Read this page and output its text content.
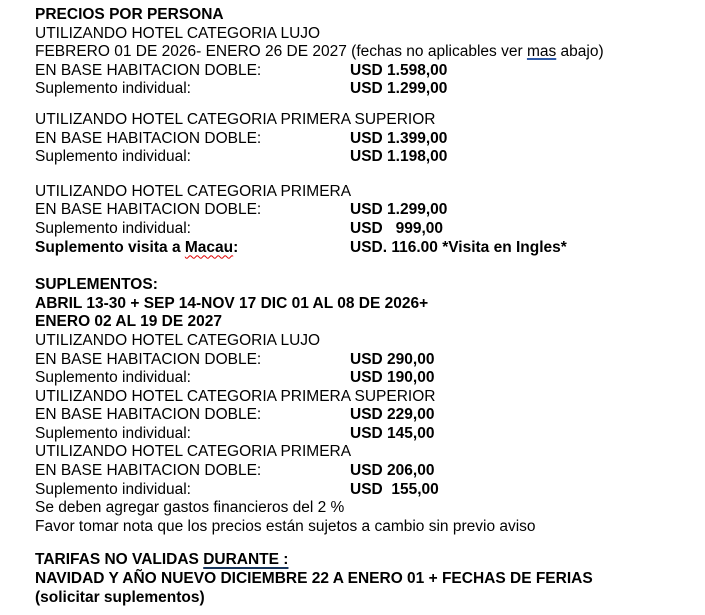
PRECIOS POR PERSONA
UTILIZANDO HOTEL CATEGORIA LUJO
FEBRERO 01 DE 2026- ENERO 26 DE 2027 (fechas no aplicables ver mas abajo)
EN BASE HABITACION DOBLE:	USD 1.598,00
Suplemento individual:	USD 1.299,00
UTILIZANDO HOTEL CATEGORIA PRIMERA SUPERIOR
EN BASE HABITACION DOBLE:	USD 1.399,00
Suplemento individual:	USD 1.198,00
UTILIZANDO HOTEL CATEGORIA PRIMERA
EN BASE HABITACION DOBLE:	USD 1.299,00
Suplemento individual:	USD   999,00
Suplemento visita a Macau:	USD. 116.00 *Visita en Ingles*
SUPLEMENTOS:
ABRIL 13-30 + SEP 14-NOV 17 DIC 01 AL 08 DE 2026+
ENERO 02 AL 19 DE 2027
UTILIZANDO HOTEL CATEGORIA LUJO
EN BASE HABITACION DOBLE:	USD 290,00
Suplemento individual:	USD 190,00
UTILIZANDO HOTEL CATEGORIA PRIMERA SUPERIOR
EN BASE HABITACION DOBLE:	USD 229,00
Suplemento individual:	USD 145,00
UTILIZANDO HOTEL CATEGORIA PRIMERA
EN BASE HABITACION DOBLE:	USD 206,00
Suplemento individual:	USD  155,00
Se deben agregar gastos financieros del 2 %
Favor tomar nota que los precios están sujetos a cambio sin previo aviso
TARIFAS NO VALIDAS DURANTE :
NAVIDAD Y AÑO NUEVO DICIEMBRE 22 A ENERO 01 + FECHAS DE FERIAS
(solicitar suplementos)
